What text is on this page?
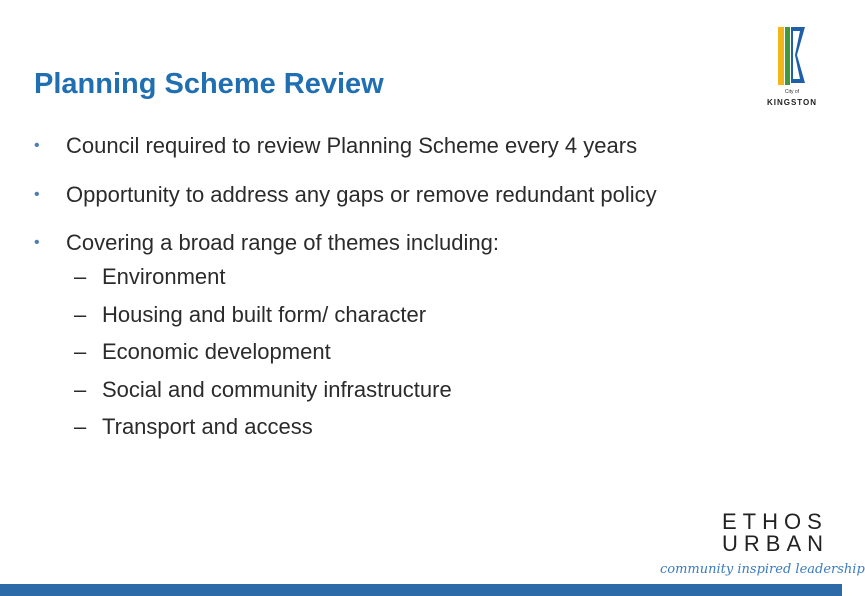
Planning Scheme Review
• Council required to review Planning Scheme every 4 years
• Opportunity to address any gaps or remove redundant policy
• Covering a broad range of themes including:
– Environment
– Housing and built form/ character
– Economic development
– Social and community infrastructure
– Transport and access
City of
KINGSTON
ETHOS
URBAN
community inspired leadership
